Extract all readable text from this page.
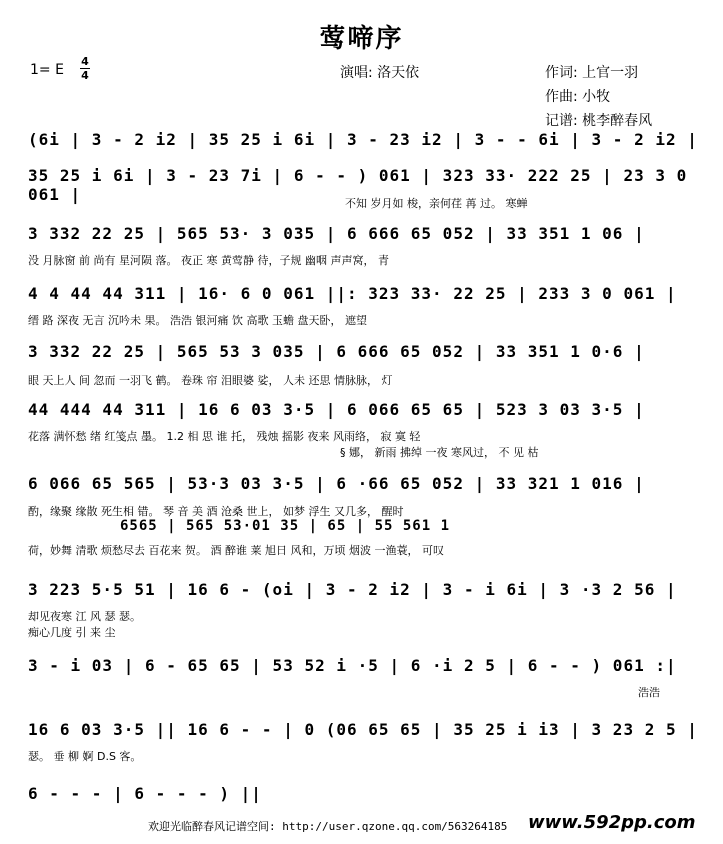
莺啼序
1= E
4
4	演唱: 洛天依	作词: 上官一羽
作曲: 小牧
记谱: 桃李醉春风
(6i | 3 - 2 i2 | 35 25 i 6i | 3 - 23 i2 | 3 - - 6i | 3 - 2 i2 |
35 25 i 6i | 3 - 23 7i | 6 - - ) 061 | 323 33· 222 25 | 23 3 0 061 |	不知 岁月如 梭，亲何荏 苒 过。 寒蝉
3 332 22 25 | 565 53· 3 035 | 6 666 65 052 | 33 351 1 06 |
没 月脉窗 前 尚有 星河陨 落。 夜正 寒 黄莺静 待，子规 幽咽 声声窝， 青
4 4 44 44 311 | 16· 6 0 061 ||: 323 33· 22 25 | 233 3 0 061 |
缙 路 深夜 无言 沉吟未 果。 浩浩 银河痛 饮 高歌 玉蟾 盘天卧， 遮望
3 332 22 25 | 565 53 3 035 | 6 666 65 052 | 33 351 1 0·6 |
眼 天上人 间 忽而 一羽飞 鹤。 卷珠 帘 泪眼婆 娑， 人未 还思 情脉脉， 灯
44 444 44 311 | 16 6 03 3·5 | 6 066 65 65 | 523 3 03 3·5 |
花落 满怀愁 绪 红笺点 墨。 1.2 相 思 谁 托， 残烛 摇影 夜来 风雨络， 寂 寞 轻
§ 娜， 新雨 拂绰 一夜 寒风过， 不 见 枯
6 066 65 565 | 53·3 03 3·5 | 6 ·66 65 052 | 33 321 1 016 |
酌，缘聚 缘散 死生相 错。 琴 音 美 酒 沧桑 世上， 如梦 浮生 又几多， 醒时
6565 | 565 53·01 35 | 65 | 55 561 1
荷，妙舞 清歌 烦愁尽去 百花来 贺。 酒 醉谁 莱 旭日 风和，万顷 烟波 一渔蓑， 可叹
3 223 5·5 51 | 16 6 - (oi | 3 - 2 i2 | 3 - i 6i | 3 ·3 2 56 |
却见夜寒 江 风 瑟 瑟。
痴心几度 引 来 尘
3 - i 03 | 6 - 65 65 | 53 52 i ·5 | 6 ·i 2 5 | 6 - - ) 061 :|
浩浩
16 6 03 3·5 || 16 6 - - | 0 (06 65 65 | 35 25 i i3 | 3 23 2 5 |
瑟。 垂 柳 婀 D.S 客。
6 - - - | 6 - - - ) ||
欢迎光临醉春风记谱空间: http://user.qzone.qq.com/563264185 www.592pp.com
